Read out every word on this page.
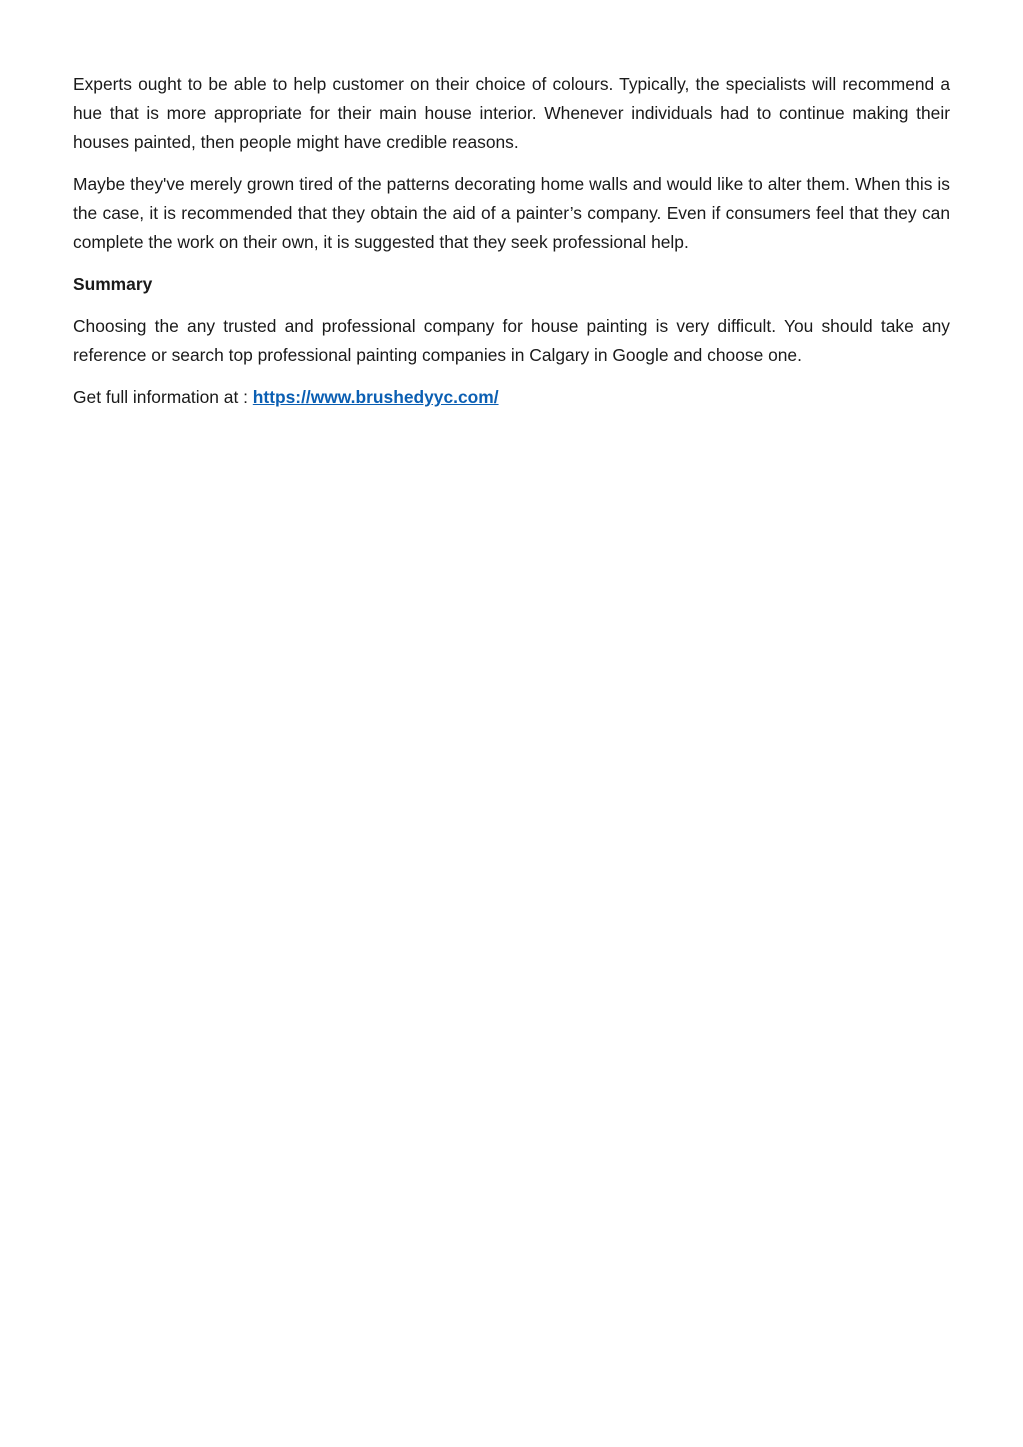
Experts ought to be able to help customer on their choice of colours. Typically, the specialists will recommend a hue that is more appropriate for their main house interior. Whenever individuals had to continue making their houses painted, then people might have credible reasons.

Maybe they've merely grown tired of the patterns decorating home walls and would like to alter them. When this is the case, it is recommended that they obtain the aid of a painter’s company. Even if consumers feel that they can complete the work on their own, it is suggested that they seek professional help.

Summary

Choosing the any trusted and professional company for house painting is very difficult. You should take any reference or search top professional painting companies in Calgary in Google and choose one.

Get full information at : https://www.brushedyyc.com/
